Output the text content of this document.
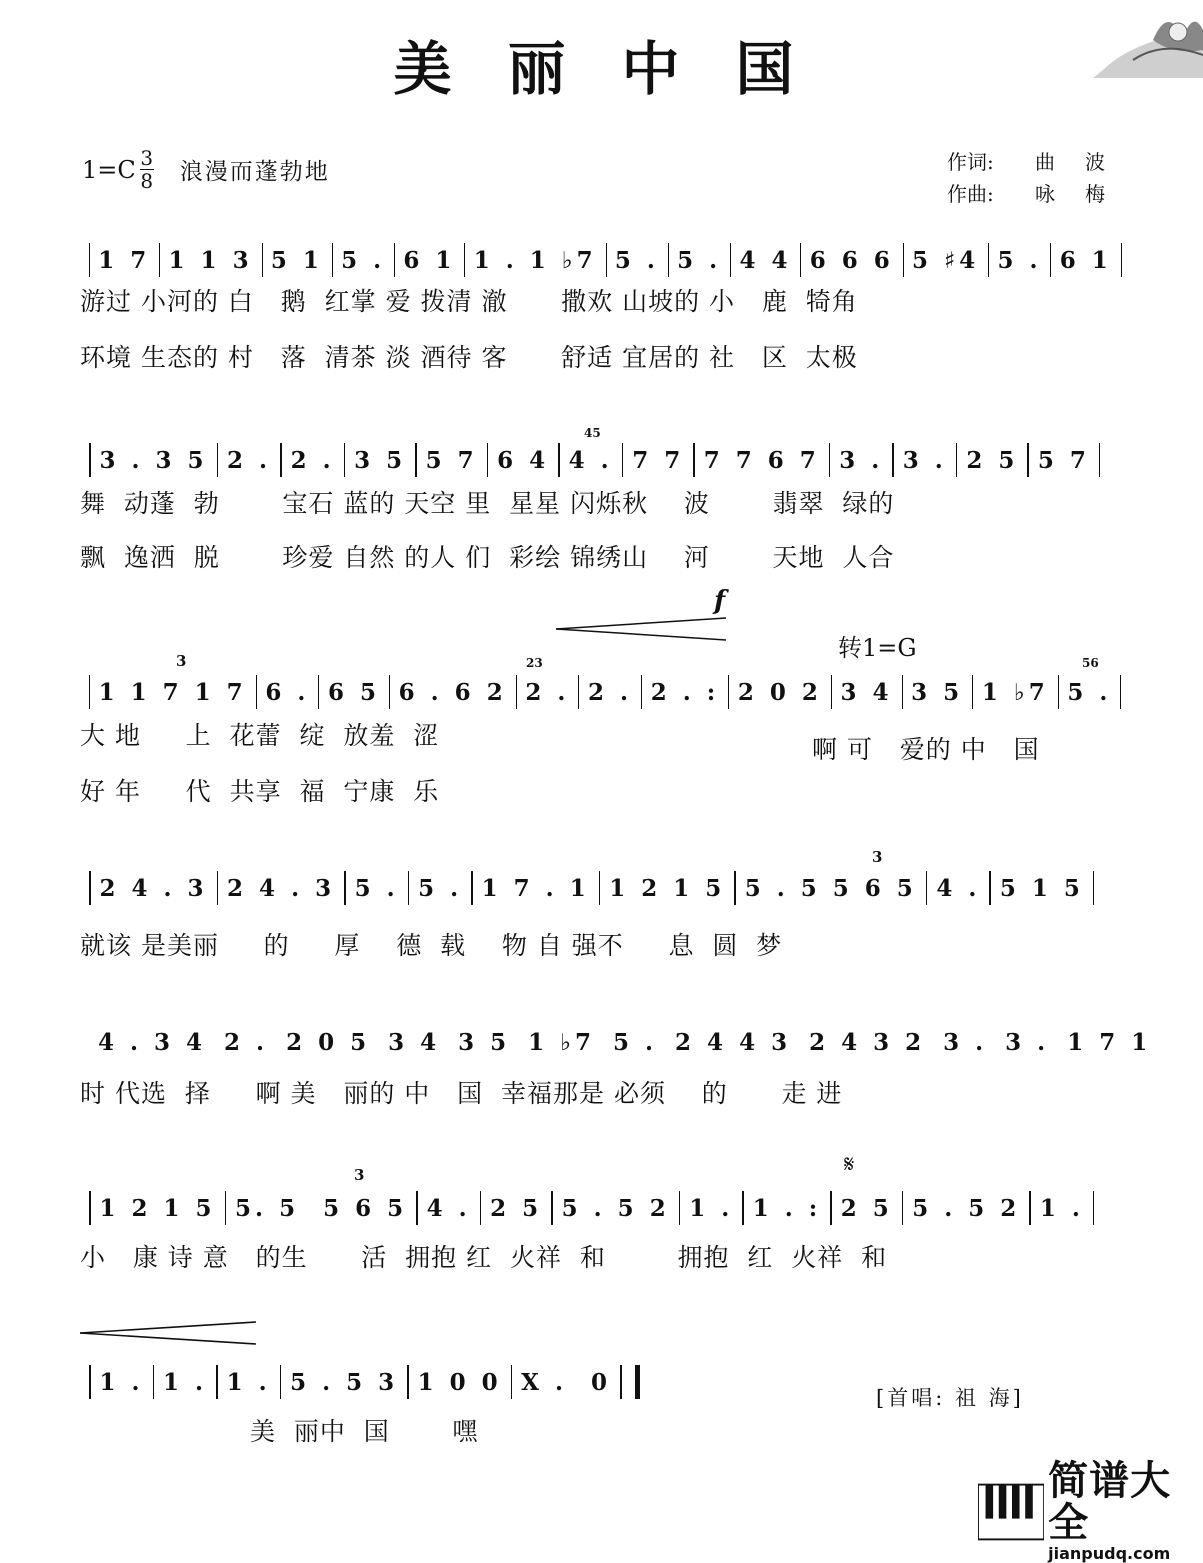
美丽中国
$1=C \frac{3}{8}$ 浪漫而蓬勃地	作词:	曲波
作曲:	咏梅
1 7 1 1 3 5 1 5 . 6 1 1 . 1 ♭7 5 . 5 . 4 4 6 6 6 5 ♯4 5 . 6 1
游过 小河的 白   鹅  红掌 爱 拨清 澈      撒欢 山坡的 小   鹿  犄角
环境 生态的 村   落  清茶 淡 酒待 客      舒适 宜居的 社   区  太极
45
3 . 3 5 2 . 2 . 3 5 5 7 6 4 4 . 7 7 7 7 6 7 3 . 3 . 2 5 5 7
舞  动蓬  勃       宝石 蓝的 天空 里  星星 闪烁秋    波       翡翠  绿的
飘  逸洒  脱       珍爱 自然 的人 们  彩绘 锦绣山    河       天地  人合
f
转1=G
3	23	56
1 1 7 1 7 6 . 6 5 6 . 6 2 2 . 2 . 2 . : 2 0 2 3 4 3 5 1 ♭7 5 .
大 地     上  花蕾  绽  放羞  涩
好 年     代  共享  福  宁康  乐
啊 可   爱的 中   国
3
2 4 . 3 2 4 . 3 5 . 5 . 1 7 . 1 1 2 1 5 5 . 5 5 6 5 4 . 5 1 5
就该 是美丽     的     厚    德  载    物 自 强不     息  圆  梦
4 . 3 4 2 . 2 0 5 3 4 3 5 1 ♭7 5 . 2 4 4 3 2 4 3 2 3 . 3 . 1 7 1
时 代选  择     啊 美   丽的 中   国  幸福那是 必须    的      走 进
3	𝄋
1 2 1 5 5. 5  5 6 5 4 . 2 5 5 . 5 2 1 . 1 . : 2 5 5 . 5 2 1 .
小   康 诗 意   的生      活  拥抱 红  火祥  和        拥抱  红  火祥  和
1 . 1 . 1 . 5 . 5 3 1 0 0 X .  0
美  丽中  国       嘿
[首唱: 祖 海]
简谱大全
jianpudq.com
